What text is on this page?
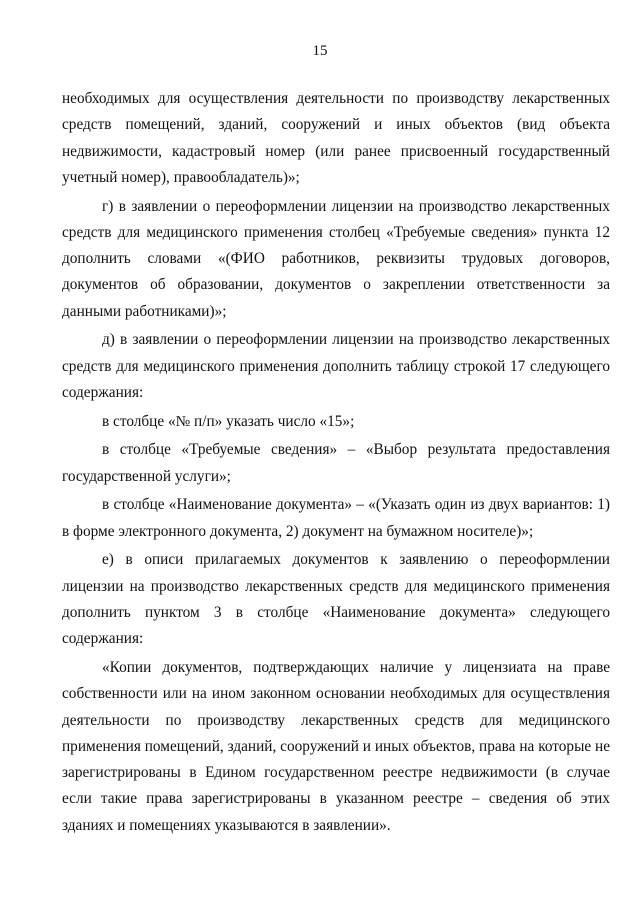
15

необходимых для осуществления деятельности по производству лекарственных средств помещений, зданий, сооружений и иных объектов (вид объекта недвижимости, кадастровый номер (или ранее присвоенный государственный учетный номер), правообладатель)»;

г) в заявлении о переоформлении лицензии на производство лекарственных средств для медицинского применения столбец «Требуемые сведения» пункта 12 дополнить словами «(ФИО работников, реквизиты трудовых договоров, документов об образовании, документов о закреплении ответственности за данными работниками)»;

д) в заявлении о переоформлении лицензии на производство лекарственных средств для медицинского применения дополнить таблицу строкой 17 следующего содержания:

в столбце «№ п/п» указать число «15»;

в столбце «Требуемые сведения» – «Выбор результата предоставления государственной услуги»;

в столбце «Наименование документа» – «(Указать один из двух вариантов: 1) в форме электронного документа, 2) документ на бумажном носителе)»;

е) в описи прилагаемых документов к заявлению о переоформлении лицензии на производство лекарственных средств для медицинского применения дополнить пунктом 3 в столбце «Наименование документа» следующего содержания:

«Копии документов, подтверждающих наличие у лицензиата на праве собственности или на ином законном основании необходимых для осуществления деятельности по производству лекарственных средств для медицинского применения помещений, зданий, сооружений и иных объектов, права на которые не зарегистрированы в Едином государственном реестре недвижимости (в случае если такие права зарегистрированы в указанном реестре – сведения об этих зданиях и помещениях указываются в заявлении».
